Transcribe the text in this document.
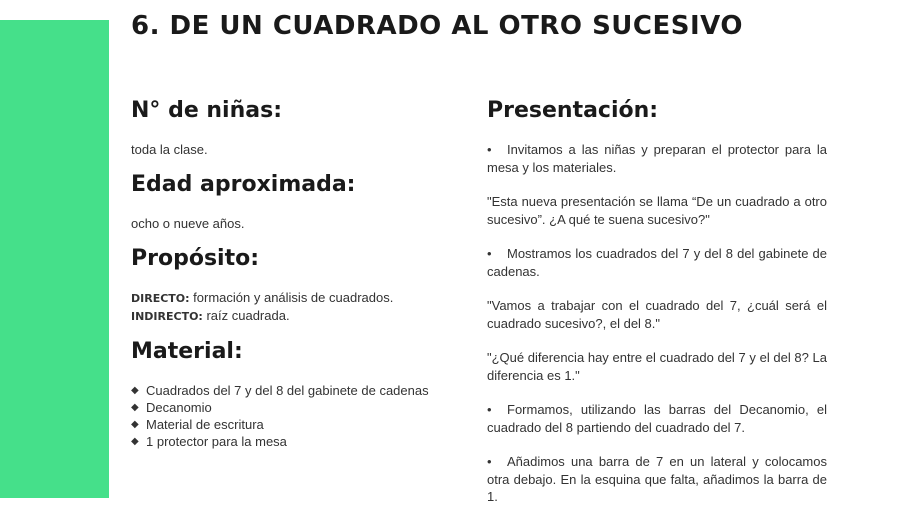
6. DE UN CUADRADO AL OTRO SUCESIVO
N° de niñas:

toda la clase.

Edad aproximada:

ocho o nueve años.

Propósito:

DIRECTO: formación y análisis de cuadrados.

INDIRECTO: raíz cuadrada.

Material:
◆ Cuadrados del 7 y del 8 del gabinete de cadenas
◆ Decanomio
◆ Material de escritura
◆ 1 protector para la mesa
Presentación:

• Invitamos a las niñas y preparan el protector para la mesa y los materiales.

"Esta nueva presentación se llama “De un cuadrado a otro sucesivo”. ¿A qué te suena sucesivo?"

• Mostramos los cuadrados del 7 y del 8 del gabinete de cadenas.

"Vamos a trabajar con el cuadrado del 7, ¿cuál será el cuadrado sucesivo?, el del 8."

"¿Qué diferencia hay entre el cuadrado del 7 y el del 8? La diferencia es 1."

• Formamos, utilizando las barras del Decanomio, el cuadrado del 8 partiendo del cuadrado del 7.

• Añadimos una barra de 7 en un lateral y colocamos otra debajo. En la esquina que falta, añadimos la barra de 1.
